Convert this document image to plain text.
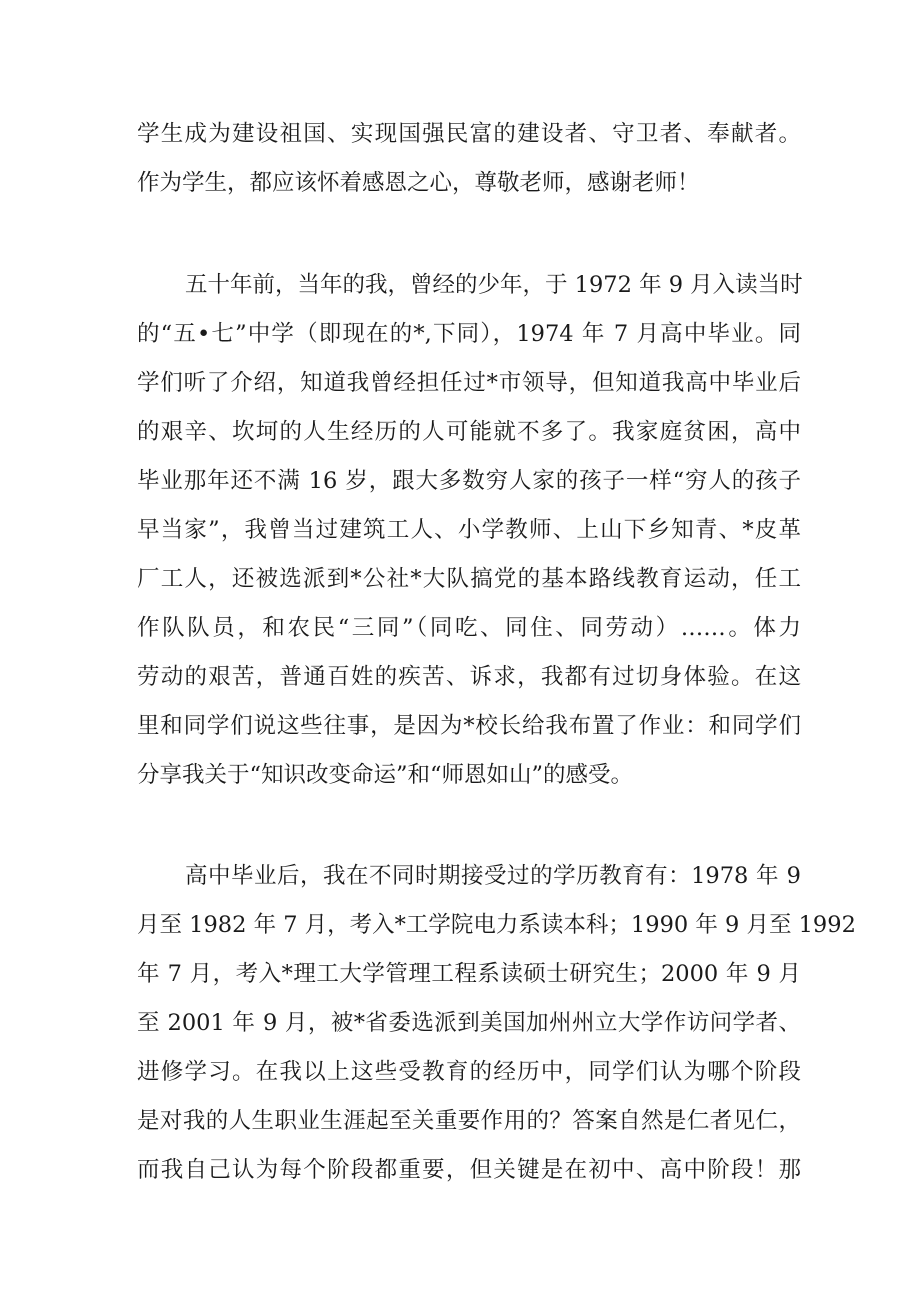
学生成为建设祖国、实现国强民富的建设者、守卫者、奉献者。
作为学生，都应该怀着感恩之心，尊敬老师，感谢老师！
五十年前，当年的我，曾经的少年，于 1972 年 9 月入读当时
的“五•七”中学（即现在的*,下同），1974 年 7 月高中毕业。同
学们听了介绍，知道我曾经担任过*市领导，但知道我高中毕业后
的艰辛、坎坷的人生经历的人可能就不多了。我家庭贫困，高中
毕业那年还不满 16 岁，跟大多数穷人家的孩子一样“穷人的孩子
早当家”，我曾当过建筑工人、小学教师、上山下乡知青、*皮革
厂工人，还被选派到*公社*大队搞党的基本路线教育运动，任工
作队队员，和农民“三同”（同吃、同住、同劳动）……。体力
劳动的艰苦，普通百姓的疾苦、诉求，我都有过切身体验。在这
里和同学们说这些往事，是因为*校长给我布置了作业：和同学们
分享我关于“知识改变命运”和“师恩如山”的感受。
高中毕业后，我在不同时期接受过的学历教育有：1978 年 9
月至 1982 年 7 月，考入*工学院电力系读本科；1990 年 9 月至 1992
年 7 月，考入*理工大学管理工程系读硕士研究生；2000 年 9 月
至 2001 年 9 月，被*省委选派到美国加州州立大学作访问学者、
进修学习。在我以上这些受教育的经历中，同学们认为哪个阶段
是对我的人生职业生涯起至关重要作用的？答案自然是仁者见仁，
而我自己认为每个阶段都重要，但关键是在初中、高中阶段！那
